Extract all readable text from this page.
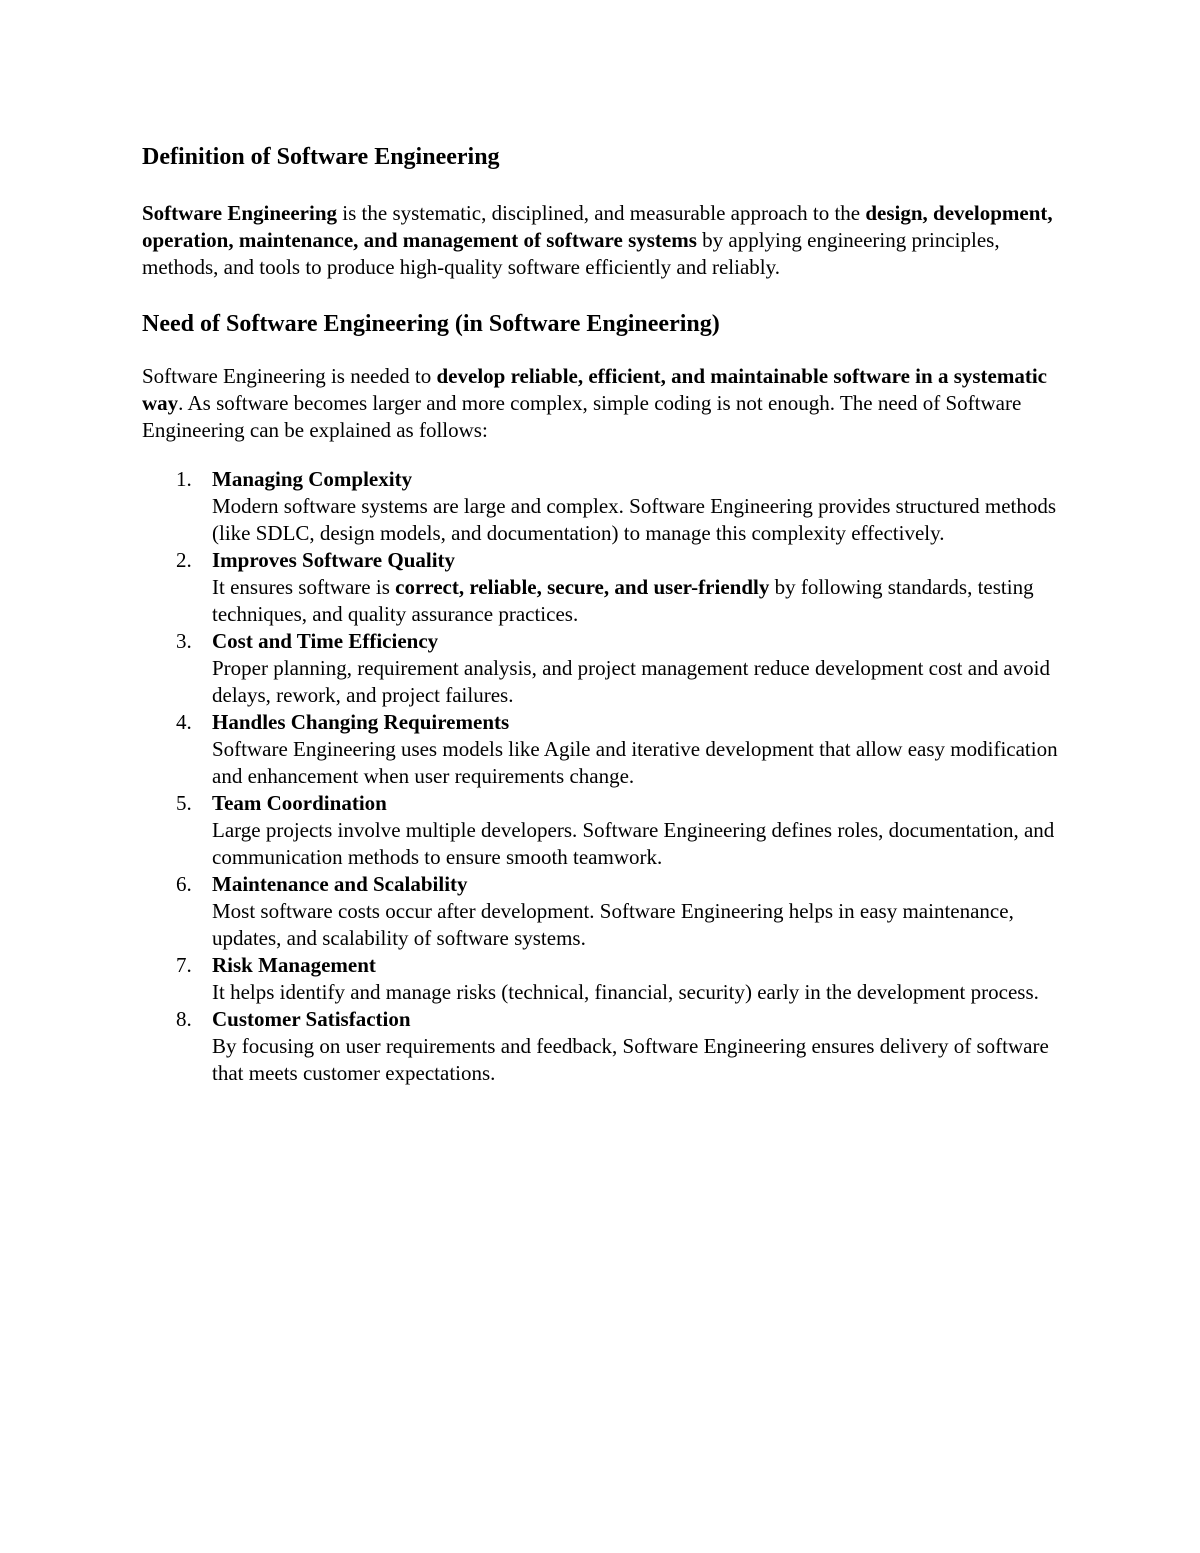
Definition of Software Engineering

Software Engineering is the systematic, disciplined, and measurable approach to the design, development, operation, maintenance, and management of software systems by applying engineering principles, methods, and tools to produce high-quality software efficiently and reliably.

Need of Software Engineering (in Software Engineering)

Software Engineering is needed to develop reliable, efficient, and maintainable software in a systematic way. As software becomes larger and more complex, simple coding is not enough. The need of Software Engineering can be explained as follows:

1. Managing Complexity
Modern software systems are large and complex. Software Engineering provides structured methods (like SDLC, design models, and documentation) to manage this complexity effectively.
2. Improves Software Quality
It ensures software is correct, reliable, secure, and user-friendly by following standards, testing techniques, and quality assurance practices.
3. Cost and Time Efficiency
Proper planning, requirement analysis, and project management reduce development cost and avoid delays, rework, and project failures.
4. Handles Changing Requirements
Software Engineering uses models like Agile and iterative development that allow easy modification and enhancement when user requirements change.
5. Team Coordination
Large projects involve multiple developers. Software Engineering defines roles, documentation, and communication methods to ensure smooth teamwork.
6. Maintenance and Scalability
Most software costs occur after development. Software Engineering helps in easy maintenance, updates, and scalability of software systems.
7. Risk Management
It helps identify and manage risks (technical, financial, security) early in the development process.
8. Customer Satisfaction
By focusing on user requirements and feedback, Software Engineering ensures delivery of software that meets customer expectations.
